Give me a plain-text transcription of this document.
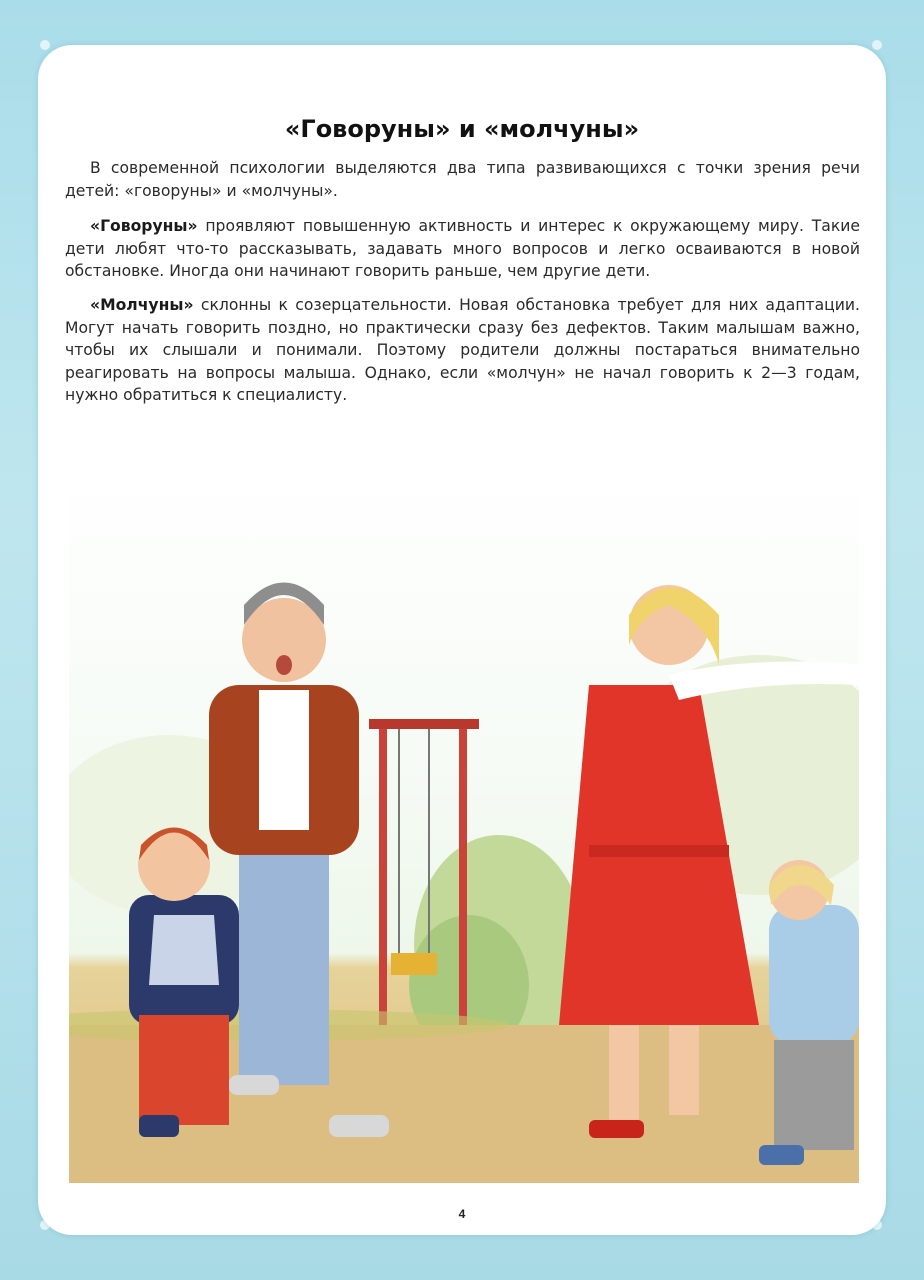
«Говоруны» и «молчуны»

В современной психологии выделяются два типа развивающихся с точки зрения речи детей: «говоруны» и «молчуны».

«Говоруны» проявляют повышенную активность и интерес к окружающему миру. Такие дети любят что-то рассказывать, задавать много вопросов и легко осваиваются в новой обстановке. Иногда они начинают говорить раньше, чем другие дети.

«Молчуны» склонны к созерцательности. Новая обстановка требует для них адаптации. Могут начать говорить поздно, но практически сразу без дефектов. Таким малышам важно, чтобы их слышали и понимали. Поэтому родители должны постараться внимательно реагировать на вопросы малыша. Однако, если «молчун» не начал говорить к 2—3 годам, нужно обратиться к специалисту.

4
